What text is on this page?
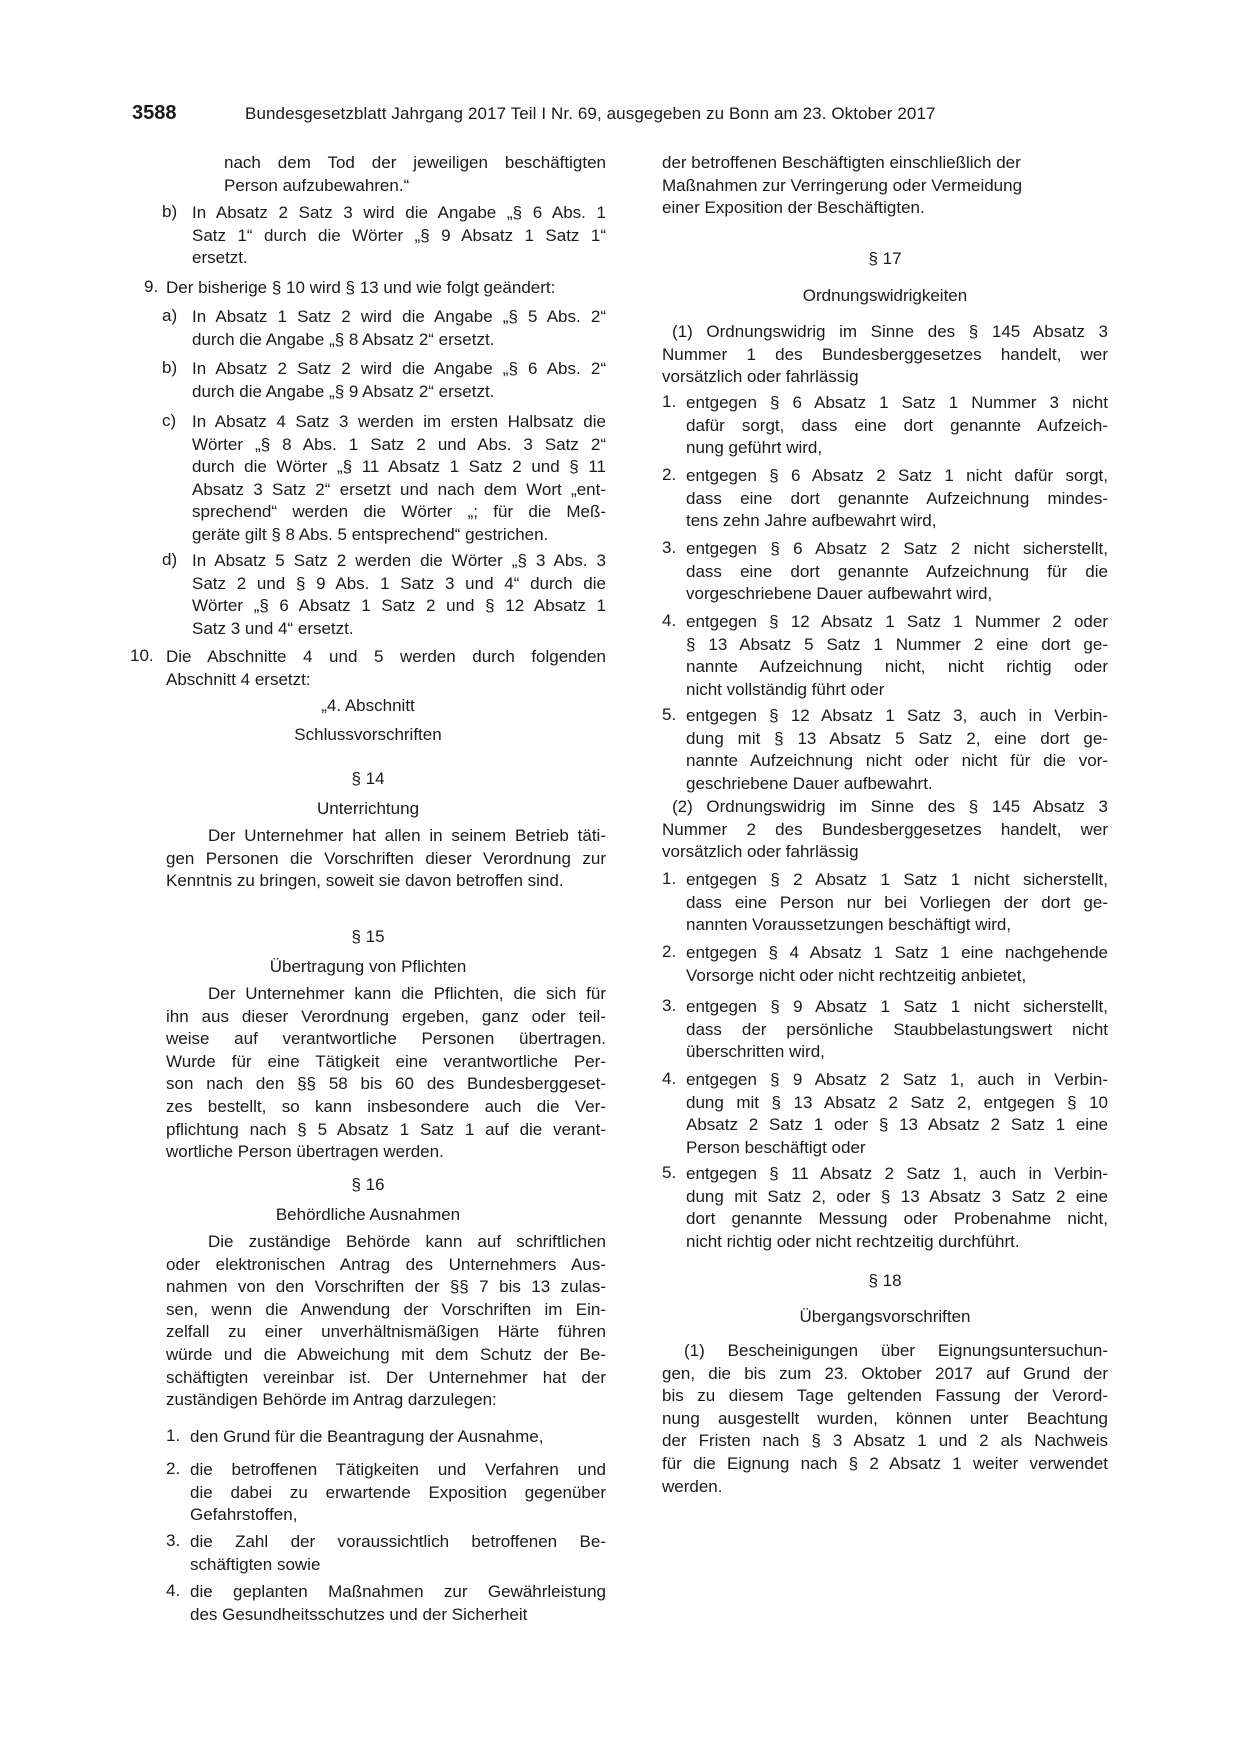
3588	Bundesgesetzblatt Jahrgang 2017 Teil I Nr. 69, ausgegeben zu Bonn am 23. Oktober 2017
nach dem Tod der jeweiligen beschäftigten
Person aufzubewahren.“
b) In Absatz 2 Satz 3 wird die Angabe „§ 6 Abs. 1
Satz 1“ durch die Wörter „§ 9 Absatz 1 Satz 1“
ersetzt.
9. Der bisherige § 10 wird § 13 und wie folgt geändert:
a) In Absatz 1 Satz 2 wird die Angabe „§ 5 Abs. 2“
durch die Angabe „§ 8 Absatz 2“ ersetzt.
b) In Absatz 2 Satz 2 wird die Angabe „§ 6 Abs. 2“
durch die Angabe „§ 9 Absatz 2“ ersetzt.
c) In Absatz 4 Satz 3 werden im ersten Halbsatz die
Wörter „§ 8 Abs. 1 Satz 2 und Abs. 3 Satz 2“
durch die Wörter „§ 11 Absatz 1 Satz 2 und § 11
Absatz 3 Satz 2“ ersetzt und nach dem Wort „ent-
sprechend“ werden die Wörter „; für die Meß-
geräte gilt § 8 Abs. 5 entsprechend“ gestrichen.
d) In Absatz 5 Satz 2 werden die Wörter „§ 3 Abs. 3
Satz 2 und § 9 Abs. 1 Satz 3 und 4“ durch die
Wörter „§ 6 Absatz 1 Satz 2 und § 12 Absatz 1
Satz 3 und 4“ ersetzt.
10. Die Abschnitte 4 und 5 werden durch folgenden
Abschnitt 4 ersetzt:
„4. Abschnitt
Schlussvorschriften
§ 14
Unterrichtung
Der Unternehmer hat allen in seinem Betrieb täti-
gen Personen die Vorschriften dieser Verordnung zur
Kenntnis zu bringen, soweit sie davon betroffen sind.
§ 15
Übertragung von Pflichten
Der Unternehmer kann die Pflichten, die sich für
ihn aus dieser Verordnung ergeben, ganz oder teil-
weise auf verantwortliche Personen übertragen.
Wurde für eine Tätigkeit eine verantwortliche Per-
son nach den §§ 58 bis 60 des Bundesberggeset-
zes bestellt, so kann insbesondere auch die Ver-
pflichtung nach § 5 Absatz 1 Satz 1 auf die verant-
wortliche Person übertragen werden.
§ 16
Behördliche Ausnahmen
Die zuständige Behörde kann auf schriftlichen
oder elektronischen Antrag des Unternehmers Aus-
nahmen von den Vorschriften der §§ 7 bis 13 zulas-
sen, wenn die Anwendung der Vorschriften im Ein-
zelfall zu einer unverhältnismäßigen Härte führen
würde und die Abweichung mit dem Schutz der Be-
schäftigten vereinbar ist. Der Unternehmer hat der
zuständigen Behörde im Antrag darzulegen:
1. den Grund für die Beantragung der Ausnahme,
2. die betroffenen Tätigkeiten und Verfahren und
die dabei zu erwartende Exposition gegenüber
Gefahrstoffen,
3. die Zahl der voraussichtlich betroffenen Be-
schäftigten sowie
4. die geplanten Maßnahmen zur Gewährleistung
des Gesundheitsschutzes und der Sicherheit
der betroffenen Beschäftigten einschließlich der
Maßnahmen zur Verringerung oder Vermeidung
einer Exposition der Beschäftigten.
§ 17
Ordnungswidrigkeiten
(1) Ordnungswidrig im Sinne des § 145 Absatz 3
Nummer 1 des Bundesberggesetzes handelt, wer
vorsätzlich oder fahrlässig
1. entgegen § 6 Absatz 1 Satz 1 Nummer 3 nicht
dafür sorgt, dass eine dort genannte Aufzeich-
nung geführt wird,
2. entgegen § 6 Absatz 2 Satz 1 nicht dafür sorgt,
dass eine dort genannte Aufzeichnung mindes-
tens zehn Jahre aufbewahrt wird,
3. entgegen § 6 Absatz 2 Satz 2 nicht sicherstellt,
dass eine dort genannte Aufzeichnung für die
vorgeschriebene Dauer aufbewahrt wird,
4. entgegen § 12 Absatz 1 Satz 1 Nummer 2 oder
§ 13 Absatz 5 Satz 1 Nummer 2 eine dort ge-
nannte Aufzeichnung nicht, nicht richtig oder
nicht vollständig führt oder
5. entgegen § 12 Absatz 1 Satz 3, auch in Verbin-
dung mit § 13 Absatz 5 Satz 2, eine dort ge-
nannte Aufzeichnung nicht oder nicht für die vor-
geschriebene Dauer aufbewahrt.
(2) Ordnungswidrig im Sinne des § 145 Absatz 3
Nummer 2 des Bundesberggesetzes handelt, wer
vorsätzlich oder fahrlässig
1. entgegen § 2 Absatz 1 Satz 1 nicht sicherstellt,
dass eine Person nur bei Vorliegen der dort ge-
nannten Voraussetzungen beschäftigt wird,
2. entgegen § 4 Absatz 1 Satz 1 eine nachgehende
Vorsorge nicht oder nicht rechtzeitig anbietet,
3. entgegen § 9 Absatz 1 Satz 1 nicht sicherstellt,
dass der persönliche Staubbelastungswert nicht
überschritten wird,
4. entgegen § 9 Absatz 2 Satz 1, auch in Verbin-
dung mit § 13 Absatz 2 Satz 2, entgegen § 10
Absatz 2 Satz 1 oder § 13 Absatz 2 Satz 1 eine
Person beschäftigt oder
5. entgegen § 11 Absatz 2 Satz 1, auch in Verbin-
dung mit Satz 2, oder § 13 Absatz 3 Satz 2 eine
dort genannte Messung oder Probenahme nicht,
nicht richtig oder nicht rechtzeitig durchführt.
§ 18
Übergangsvorschriften
(1) Bescheinigungen über Eignungsuntersuchun-
gen, die bis zum 23. Oktober 2017 auf Grund der
bis zu diesem Tage geltenden Fassung der Verord-
nung ausgestellt wurden, können unter Beachtung
der Fristen nach § 3 Absatz 1 und 2 als Nachweis
für die Eignung nach § 2 Absatz 1 weiter verwendet
werden.
